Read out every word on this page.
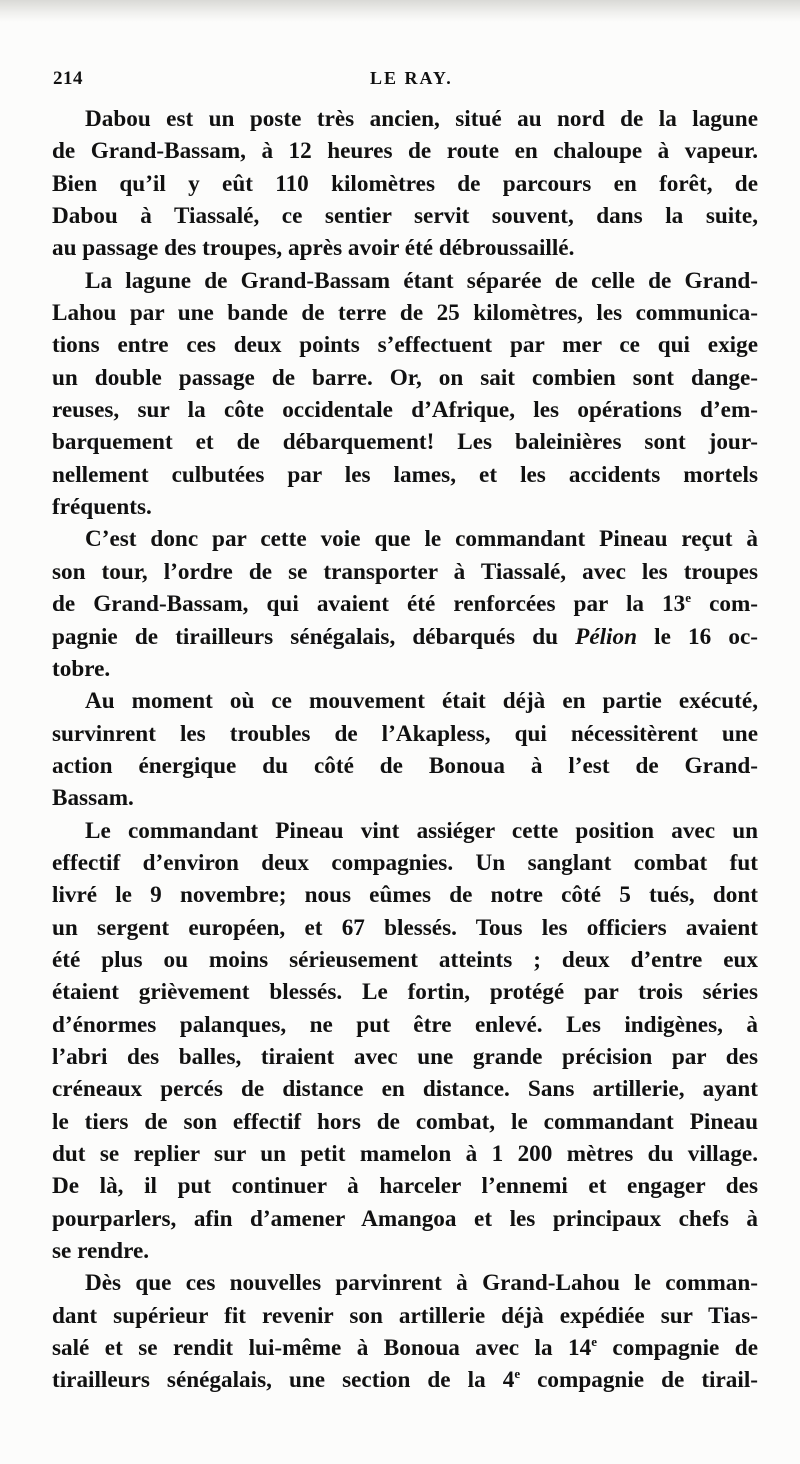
214	LE RAY.

Dabou est un poste très ancien, situé au nord de la lagune
de Grand-Bassam, à 12 heures de route en chaloupe à vapeur.
Bien qu’il y eût 110 kilomètres de parcours en forêt, de
Dabou à Tiassalé, ce sentier servit souvent, dans la suite,
au passage des troupes, après avoir été débroussaillé.

La lagune de Grand-Bassam étant séparée de celle de Grand-
Lahou par une bande de terre de 25 kilomètres, les communica-
tions entre ces deux points s’effectuent par mer ce qui exige
un double passage de barre. Or, on sait combien sont dange-
reuses, sur la côte occidentale d’Afrique, les opérations d’em-
barquement et de débarquement! Les baleinières sont jour-
nellement culbutées par les lames, et les accidents mortels
fréquents.

C’est donc par cette voie que le commandant Pineau reçut à
son tour, l’ordre de se transporter à Tiassalé, avec les troupes
de Grand-Bassam, qui avaient été renforcées par la 13e com-
pagnie de tirailleurs sénégalais, débarqués du Pélion le 16 oc-
tobre.

Au moment où ce mouvement était déjà en partie exécuté,
survinrent les troubles de l’Akapless, qui nécessitèrent une
action énergique du côté de Bonoua à l’est de Grand-
Bassam.

Le commandant Pineau vint assiéger cette position avec un
effectif d’environ deux compagnies. Un sanglant combat fut
livré le 9 novembre; nous eûmes de notre côté 5 tués, dont
un sergent européen, et 67 blessés. Tous les officiers avaient
été plus ou moins sérieusement atteints ; deux d’entre eux
étaient grièvement blessés. Le fortin, protégé par trois séries
d’énormes palanques, ne put être enlevé. Les indigènes, à
l’abri des balles, tiraient avec une grande précision par des
créneaux percés de distance en distance. Sans artillerie, ayant
le tiers de son effectif hors de combat, le commandant Pineau
dut se replier sur un petit mamelon à 1 200 mètres du village.
De là, il put continuer à harceler l’ennemi et engager des
pourparlers, afin d’amener Amangoa et les principaux chefs à
se rendre.

Dès que ces nouvelles parvinrent à Grand-Lahou le comman-
dant supérieur fit revenir son artillerie déjà expédiée sur Tias-
salé et se rendit lui-même à Bonoua avec la 14e compagnie de
tirailleurs sénégalais, une section de la 4e compagnie de tirail-
